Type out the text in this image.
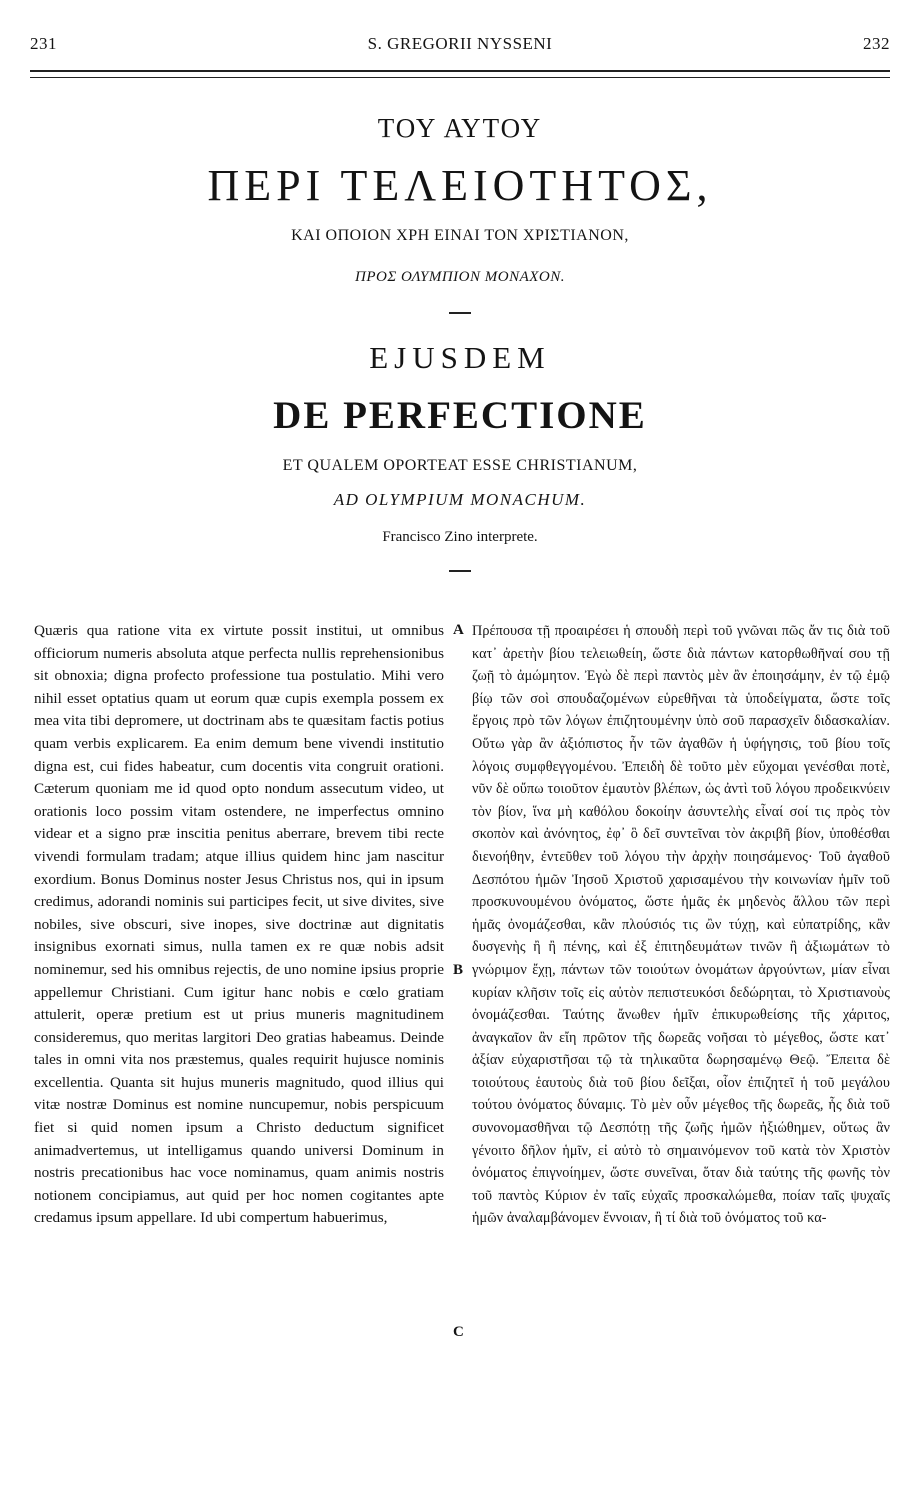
231	S. GREGORII NYSSENI	232
ΤΟΥ ΑΥΤΟΥ
ΠΕΡΙ ΤΕΛΕΙΟΤΗΤΟΣ,
ΚΑΙ ΟΠΟΙΟΝ ΧΡΗ ΕΙΝΑΙ ΤΟΝ ΧΡΙΣΤΙΑΝΟΝ,
ΠΡΟΣ ΟΛΥΜΠΙΟΝ ΜΟΝΑΧΟΝ.
EJUSDEM
DE PERFECTIONE
ET QUALEM OPORTEAT ESSE CHRISTIANUM,
AD OLYMPIUM MONACHUM.
Francisco Zino interprete.

Quæris qua ratione vita ex virtute possit institui, ut omnibus officiorum numeris absoluta atque perfecta nullis reprehensionibus sit obnoxia; digna profecto professione tua postulatio. Mihi vero nihil esset optatius quam ut eorum quæ cupis exempla possem ex mea vita tibi depromere, ut doctrinam abs te quæsitam factis potius quam verbis explicarem. Ea enim demum bene vivendi institutio digna est, cui fides habeatur, cum docentis vita congruit orationi. Cæterum quoniam me id quod opto nondum assecutum video, ut orationis loco possim vitam ostendere, ne imperfectus omnino videar et a signo præ inscitia penitus aberrare, brevem tibi recte vivendi formulam tradam; atque illius quidem hinc jam nascitur exordium. Bonus Dominus noster Jesus Christus nos, qui in ipsum credimus, adorandi nominis sui participes fecit, ut sive divites, sive nobiles, sive obscuri, sive inopes, sive doctrinæ aut dignitatis insignibus exornati simus, nulla tamen ex re quæ nobis adsit nominemur, sed his omnibus rejectis, de uno nomine ipsius proprie appellemur Christiani. Cum igitur hanc nobis e cœlo gratiam attulerit, operæ pretium est ut prius muneris magnitudinem consideremus, quo meritas largitori Deo gratias habeamus. Deinde tales in omni vita nos præstemus, quales requirit hujusce nominis excellentia. Quanta sit hujus muneris magnitudo, quod illius qui vitæ nostræ Dominus est nomine nuncupemur, nobis perspicuum fiet si quid nomen ipsum a Christo deductum significet animadvertemus, ut intelligamus quando universi Dominum in nostris precationibus hac voce nominamus, quam animis nostris notionem concipiamus, aut quid per hoc nomen cogitantes apte credamus ipsum appellare. Id ubi compertum habuerimus,

A
B
C

Πρέπουσα τῇ προαιρέσει ἡ σπουδὴ περὶ τοῦ γνῶναι πῶς ἄν τις διὰ τοῦ κατ᾽ ἀρετὴν βίου τελειωθείη, ὥστε διὰ πάντων κατορθωθῆναί σου τῇ ζωῇ τὸ ἀμώμητον. Ἐγὼ δὲ περὶ παντὸς μὲν ἂν ἐποιησάμην, ἐν τῷ ἐμῷ βίῳ τῶν σοὶ σπουδαζομένων εὑρεθῆναι τὰ ὑποδείγματα, ὥστε τοῖς ἔργοις πρὸ τῶν λόγων ἐπιζητουμένην ὑπὸ σοῦ παρασχεῖν διδασκαλίαν. Οὕτω γὰρ ἂν ἀξιόπιστος ἦν τῶν ἀγαθῶν ἡ ὑφήγησις, τοῦ βίου τοῖς λόγοις συμφθεγγομένου. Ἐπειδὴ δὲ τοῦτο μὲν εὔχομαι γενέσθαι ποτὲ, νῦν δὲ οὔπω τοιοῦτον ἐμαυτὸν βλέπων, ὡς ἀντὶ τοῦ λόγου προδεικνύειν τὸν βίον, ἵνα μὴ καθόλου δοκοίην ἀσυντελὴς εἶναί σοί τις πρὸς τὸν σκοπὸν καὶ ἀνόνητος, ἐφ᾽ ὃ δεῖ συντεῖναι τὸν ἀκριβῆ βίον, ὑποθέσθαι διενοήθην, ἐντεῦθεν τοῦ λόγου τὴν ἀρχὴν ποιησάμενος· Τοῦ ἀγαθοῦ Δεσπότου ἡμῶν Ἰησοῦ Χριστοῦ χαρισαμένου τὴν κοινωνίαν ἡμῖν τοῦ προσκυνουμένου ὀνόματος, ὥστε ἡμᾶς ἐκ μηδενὸς ἄλλου τῶν περὶ ἡμᾶς ὀνομάζεσθαι, κἂν πλούσιός τις ὢν τύχῃ, καὶ εὐπατρίδης, κἂν δυσγενὴς ἢ ἢ πένης, καὶ ἐξ ἐπιτηδευμάτων τινῶν ἢ ἀξιωμάτων τὸ γνώριμον ἔχῃ, πάντων τῶν τοιούτων ὀνομάτων ἀργούντων, μίαν εἶναι κυρίαν κλῆσιν τοῖς εἰς αὐτὸν πεπιστευκόσι δεδώρηται, τὸ Χριστιανοὺς ὀνομάζεσθαι. Ταύτης ἄνωθεν ἡμῖν ἐπικυρωθείσης τῆς χάριτος, ἀναγκαῖον ἂν εἴη πρῶτον τῆς δωρεᾶς νοῆσαι τὸ μέγεθος, ὥστε κατ᾽ ἀξίαν εὐχαριστῆσαι τῷ τὰ τηλικαῦτα δωρησαμένῳ Θεῷ. Ἔπειτα δὲ τοιούτους ἑαυτοὺς διὰ τοῦ βίου δεῖξαι, οἷον ἐπιζητεῖ ἡ τοῦ μεγάλου τούτου ὀνόματος δύναμις. Τὸ μὲν οὖν μέγεθος τῆς δωρεᾶς, ἧς διὰ τοῦ συνονομασθῆναι τῷ Δεσπότῃ τῆς ζωῆς ἡμῶν ἠξιώθημεν, οὕτως ἂν γένοιτο δῆλον ἡμῖν, εἰ αὐτὸ τὸ σημαινόμενον τοῦ κατὰ τὸν Χριστὸν ὀνόματος ἐπιγνοίημεν, ὥστε συνεῖναι, ὅταν διὰ ταύτης τῆς φωνῆς τὸν τοῦ παντὸς Κύριον ἐν ταῖς εὐχαῖς προσκαλώμεθα, ποίαν ταῖς ψυχαῖς ἡμῶν ἀναλαμβάνομεν ἔννοιαν, ἢ τί διὰ τοῦ ὀνόματος τοῦ κα-
